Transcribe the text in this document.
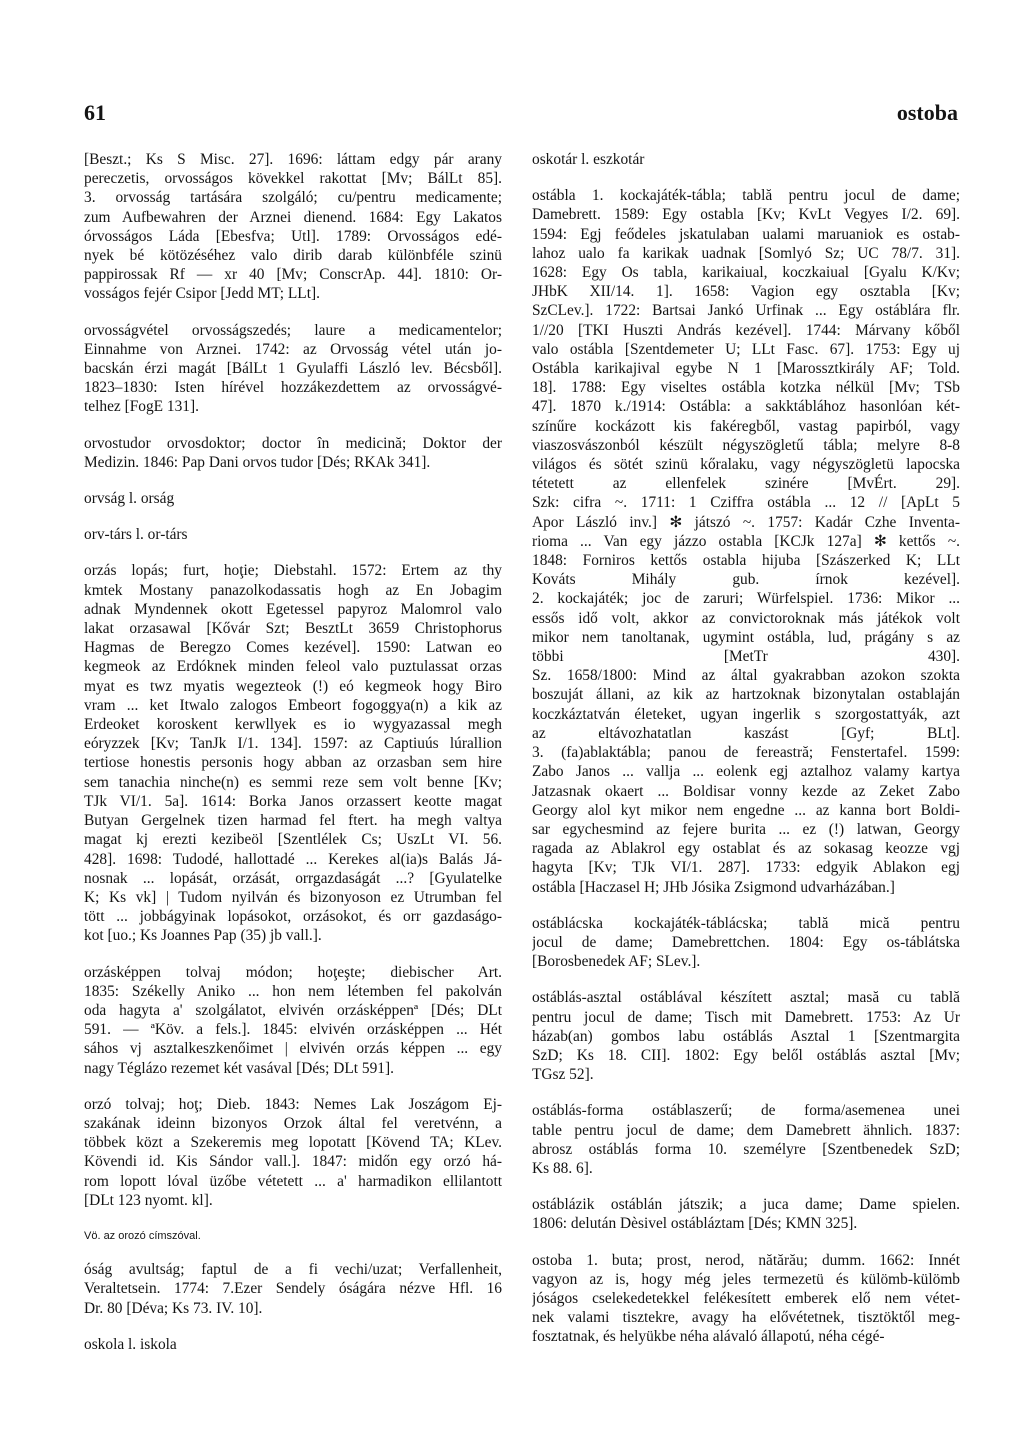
61	ostoba
[Beszt.; Ks S Misc. 27]. 1696: láttam edgy pár arany
pereczetis, orvosságos kövekkel rakottat [Mv; BálLt 85].
3. orvosság tartására szolgáló; cu/pentru medicamente;
zum Aufbewahren der Arznei dienend. 1684: Egy Lakatos
órvosságos Láda [Ebesfva; Utl]. 1789: Orvosságos edé-
nyek bé kötözéséhez valo dirib darab különbféle szinü
pappirossak Rf — xr 40 [Mv; ConscrAp. 44]. 1810: Or-
vosságos fejér Csipor [Jedd MT; LLt].
orvosságvétel orvosságszedés; laure a medicamentelor;
Einnahme von Arznei. 1742: az Orvosság vétel után jo-
bacskán érzi magát [BálLt 1 Gyulaffi László lev. Bécsből].
1823–1830: Isten hírével hozzákezdettem az orvosságvé-
telhez [FogE 131].
orvostudor orvosdoktor; doctor în medicină; Doktor der
Medizin. 1846: Pap Dani orvos tudor [Dés; RKAk 341].
orvság l. orság
orv-társ l. or-társ
orzás lopás; furt, hoţie; Diebstahl. 1572: Ertem az thy
kmtek Mostany panazolkodassatis hogh az En Jobagim
adnak Myndennek okott Egetessel papyroz Malomrol valo
lakat orzasawal [Kővár Szt; BesztLt 3659 Christophorus
Hagmas de Beregzo Comes kezével]. 1590: Latwan eo
kegmeok az Erdóknek minden feleol valo puztulassat orzas
myat es twz myatis wegezteok (!) eó kegmeok hogy Biro
vram ... ket Itwalo zalogos Embeort fogoggya(n) a kik az
Erdeoket koroskent kerwllyek es io wygyazassal megh
eóryzzek [Kv; TanJk I/1. 134]. 1597: az Captiuús lúrallion
tertiose honestis personis hogy abban az orzasban sem hire
sem tanachia ninche(n) es semmi reze sem volt benne [Kv;
TJk VI/1. 5a]. 1614: Borka Janos orzassert keotte magat
Butyan Gergelnek tizen harmad fel ftert. ha megh valtya
magat kj erezti kezibeöl [Szentlélek Cs; UszLt VI. 56.
428]. 1698: Tudodé, hallottadé ... Kerekes al(ia)s Balás Já-
nosnak ... lopását, orzását, orrgazdaságát ...? [Gyulatelke
K; Ks vk] | Tudom nyilván és bizonyoson ez Utrumban fel
tött ... jobbágyinak lopásokot, orzásokot, és orr gazdaságo-
kot [uo.; Ks Joannes Pap (35) jb vall.].
orzásképpen tolvaj módon; hoţeşte; diebischer Art.
1835: Székelly Aniko ... hon nem létemben fel pakolván
oda hagyta a' szolgálatot, elvivén orzásképpenª [Dés; DLt
591. — ªKöv. a fels.]. 1845: elvivén orzásképpen ... Hét
sáhos vj asztalkeszkenőimet | elvivén orzás képpen ... egy
nagy Téglázo rezemet két vasával [Dés; DLt 591].
orzó tolvaj; hoţ; Dieb. 1843: Nemes Lak Joszágom Ej-
szakának ideinn bizonyos Orzok által fel veretvénn, a
többek közt a Szekeremis meg lopotatt [Kövend TA; KLev.
Kövendi id. Kis Sándor vall.]. 1847: midőn egy orzó há-
rom lopott lóval üzőbe vétetett ... a' harmadikon ellilantott
[DLt 123 nyomt. kl].
Vö. az orozó címszóval.
óság avultság; faptul de a fi vechi/uzat; Verfallenheit,
Veraltetsein. 1774: 7.Ezer Sendely óságára nézve Hfl. 16
Dr. 80 [Déva; Ks 73. IV. 10].
oskola l. iskola
oskotár l. eszkotár
ostábla 1. kockajáték-tábla; tablă pentru jocul de dame;
Damebrett. 1589: Egy ostabla [Kv; KvLt Vegyes I/2. 69].
1594: Egj feődeles jskatulaban ualami maruaniok es ostab-
lahoz ualo fa karikak uadnak [Somlyó Sz; UC 78/7. 31].
1628: Egy Os tabla, karikaiual, koczkaiual [Gyalu K/Kv;
JHbK XII/14. 1]. 1658: Vagion egy osztabla [Kv;
SzCLev.]. 1722: Bartsai Jankó Urfinak ... Egy ostáblára flr.
1//20 [TKI Huszti András kezével]. 1744: Márvany kőből
valo ostábla [Szentdemeter U; LLt Fasc. 67]. 1753: Egy uj
Ostábla karikajival egybe N 1 [Marossztkirály AF; Told.
18]. 1788: Egy viseltes ostábla kotzka nélkül [Mv; TSb
47]. 1870 k./1914: Ostábla: a sakktáblához hasonlóan két-
színűre kockázott kis fakéregből, vastag papirból, vagy
viaszosvászonból készült négyszögletű tábla; melyre 8-8
világos és sötét szinü kőralaku, vagy négyszögletü lapocska
tétetett az ellenfelek szinére [MvÉrt. 29].
Szk: cifra ~. 1711: 1 Cziffra ostábla ... 12 // [ApLt 5
Apor László inv.] ✻ játszó ~. 1757: Kadár Czhe Inventa-
rioma ... Van egy jázzo ostabla [KCJk 127a] ✻ kettős ~.
1848: Forniros kettős ostabla hijuba [Szászerked K; LLt
Kováts Mihály gub. írnok kezével].
2. kockajáték; joc de zaruri; Würfelspiel. 1736: Mikor ...
essős idő volt, akkor az convictoroknak más játékok volt
mikor nem tanoltanak, ugymint ostábla, lud, prágány s az
többi [MetTr 430].
Sz. 1658/1800: Mind az által gyakrabban azokon szokta
boszuját állani, az kik az hartzoknak bizonytalan ostablaján
koczkáztatván életeket, ugyan ingerlik s szorgostattyák, azt
az eltávozhatatlan kaszást [Gyf; BLt].
3. (fa)ablaktábla; panou de fereastră; Fenstertafel. 1599:
Zabo Janos ... vallja ... eolenk egj aztalhoz valamy kartya
Jatzasnak okaert ... Boldisar vonny kezde az Zeket Zabo
Georgy alol kyt mikor nem engedne ... az kanna bort Boldi-
sar egychesmind az fejere burita ... ez (!) latwan, Georgy
ragada az Ablakrol egy ostablat és az sokasag keozze vgj
hagyta [Kv; TJk VI/1. 287]. 1733: edgyik Ablakon egj
ostábla [Haczasel H; JHb Jósika Zsigmond udvarházában.]
ostáblácska kockajáték-táblácska; tablă mică pentru
jocul de dame; Damebrettchen. 1804: Egy os-táblátska
[Borosbenedek AF; SLev.].
ostáblás-asztal ostáblával készített asztal; masă cu tablă
pentru jocul de dame; Tisch mit Damebrett. 1753: Az Ur
házab(an) gombos labu ostáblás Asztal 1 [Szentmargita
SzD; Ks 18. CII]. 1802: Egy belől ostáblás asztal [Mv;
TGsz 52].
ostáblás-forma ostáblaszerű; de forma/asemenea unei
table pentru jocul de dame; dem Damebrett ähnlich. 1837:
abrosz ostáblás forma 10. személyre [Szentbenedek SzD;
Ks 88. 6].
ostáblázik ostáblán játszik; a juca dame; Dame spielen.
1806: delután Dèsivel ostábláztam [Dés; KMN 325].
ostoba 1. buta; prost, nerod, nătărău; dumm. 1662: Innét
vagyon az is, hogy még jeles termezetü és külömb-külömb
jóságos cselekedetekkel felékesített emberek elő nem vétet-
nek valami tisztekre, avagy ha elővétetnek, tisztöktől meg-
fosztatnak, és helyükbe néha alávaló állapotú, néha cégé-
